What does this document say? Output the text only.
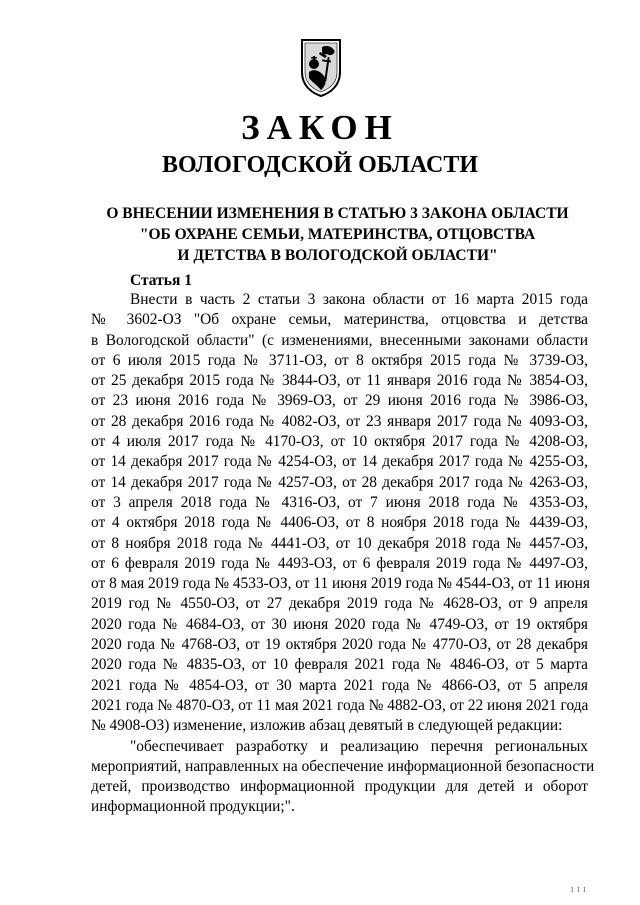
ЗАКОН
ВОЛОГОДСКОЙ ОБЛАСТИ
О ВНЕСЕНИИ ИЗМЕНЕНИЯ В СТАТЬЮ 3 ЗАКОНА ОБЛАСТИ
"ОБ ОХРАНЕ СЕМЬИ, МАТЕРИНСТВА, ОТЦОВСТВА
И ДЕТСТВА В ВОЛОГОДСКОЙ ОБЛАСТИ"
Статья 1
Внести в часть 2 статьи 3 закона области от 16 марта 2015 года
№ 3602-ОЗ "Об охране семьи, материнства, отцовства и детства
в Вологодской области" (с изменениями, внесенными законами области
от 6 июля 2015 года № 3711-ОЗ, от 8 октября 2015 года № 3739-ОЗ,
от 25 декабря 2015 года № 3844-ОЗ, от 11 января 2016 года № 3854-ОЗ,
от 23 июня 2016 года № 3969-ОЗ, от 29 июня 2016 года № 3986-ОЗ,
от 28 декабря 2016 года № 4082-ОЗ, от 23 января 2017 года № 4093-ОЗ,
от 4 июля 2017 года № 4170-ОЗ, от 10 октября 2017 года № 4208-ОЗ,
от 14 декабря 2017 года № 4254-ОЗ, от 14 декабря 2017 года № 4255-ОЗ,
от 14 декабря 2017 года № 4257-ОЗ, от 28 декабря 2017 года № 4263-ОЗ,
от 3 апреля 2018 года № 4316-ОЗ, от 7 июня 2018 года № 4353-ОЗ,
от 4 октября 2018 года № 4406-ОЗ, от 8 ноября 2018 года № 4439-ОЗ,
от 8 ноября 2018 года № 4441-ОЗ, от 10 декабря 2018 года № 4457-ОЗ,
от 6 февраля 2019 года № 4493-ОЗ, от 6 февраля 2019 года № 4497-ОЗ,
от 8 мая 2019 года № 4533-ОЗ, от 11 июня 2019 года № 4544-ОЗ, от 11 июня
2019 год № 4550-ОЗ, от 27 декабря 2019 года № 4628-ОЗ, от 9 апреля
2020 года № 4684-ОЗ, от 30 июня 2020 года № 4749-ОЗ, от 19 октября
2020 года № 4768-ОЗ, от 19 октября 2020 года № 4770-ОЗ, от 28 декабря
2020 года № 4835-ОЗ, от 10 февраля 2021 года № 4846-ОЗ, от 5 марта
2021 года № 4854-ОЗ, от 30 марта 2021 года № 4866-ОЗ, от 5 апреля
2021 года № 4870-ОЗ, от 11 мая 2021 года № 4882-ОЗ, от 22 июня 2021 года
№ 4908-ОЗ) изменение, изложив абзац девятый в следующей редакции:
"обеспечивает разработку и реализацию перечня региональных
мероприятий, направленных на обеспечение информационной безопасности
детей, производство информационной продукции для детей и оборот
информационной продукции;".
I I I
